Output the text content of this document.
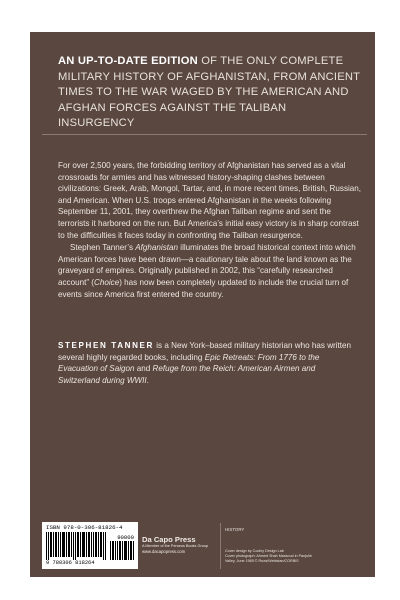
AN UP-TO-DATE EDITION OF THE ONLY COMPLETE MILITARY HISTORY OF AFGHANISTAN, FROM ANCIENT TIMES TO THE WAR WAGED BY THE AMERICAN AND AFGHAN FORCES AGAINST THE TALIBAN INSURGENCY

For over 2,500 years, the forbidding territory of Afghanistan has served as a vital crossroads for armies and has witnessed history-shaping clashes between civilizations: Greek, Arab, Mongol, Tartar, and, in more recent times, British, Russian, and American. When U.S. troops entered Afghanistan in the weeks following September 11, 2001, they overthrew the Afghan Taliban regime and sent the terrorists it harbored on the run. But America’s initial easy victory is in sharp contrast to the difficulties it faces today in confronting the Taliban resurgence.

Stephen Tanner’s Afghanistan illuminates the broad historical context into which American forces have been drawn—a cautionary tale about the land known as the graveyard of empires. Originally published in 2002, this “carefully researched account” (Choice) has now been completely updated to include the crucial turn of events since America first entered the country.

STEPHEN TANNER is a New York–based military historian who has written several highly regarded books, including Epic Retreats: From 1776 to the Evacuation of Saigon and Refuge from the Reich: American Airmen and Switzerland during WWII.
ISBN 978-0-306-81826-4
90000
9 780306 818264
Da Capo Press
A Member of the Perseus Books Group
www.dacapopress.com
HISTORY
Cover design by Cooley Design Lab
Cover photograph: Ahmed Shah Massoud in Panjshir
Valley, June 1985 © Reza/Webistan/CORBIS
